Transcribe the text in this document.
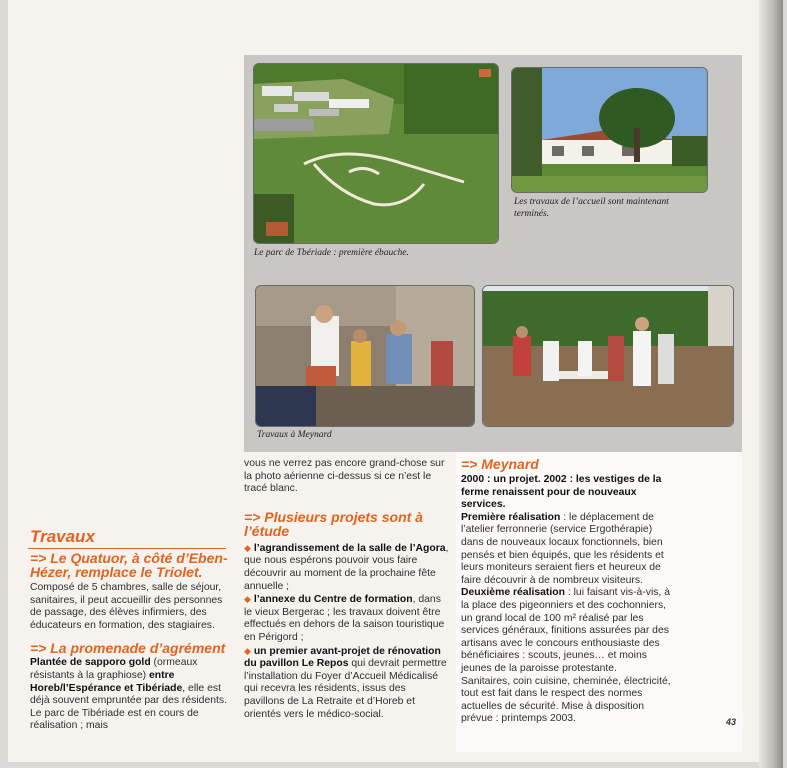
Le parc de Tbériade : première ébauche.
Les travaux de l’accueil sont maintenant terminés.
Travaux à Meynard
Travaux

=> Le Quatuor, à côté d’Eben-Hézer, remplace le Triolet.

Composé de 5 chambres, salle de séjour, sanitaires, il peut accueillir des personnes de passage, des élèves infirmiers, des éducateurs en formation, des stagiaires.

=> La promenade d’agrément

Plantée de sapporo gold (ormeaux résistants à la graphiose) entre Horeb/l’Espérance et Tibériade, elle est déjà souvent empruntée par des résidents. Le parc de Tibériade est en cours de réalisation ; mais

vous ne verrez pas encore grand-chose sur la photo aérienne ci-dessus si ce n’est le tracé blanc.

=> Plusieurs projets sont à l’étude

◆ l’agrandissement de la salle de l’Agora, que nous espérons pouvoir vous faire découvrir au moment de la prochaine fête annuelle ;

◆ l’annexe du Centre de formation, dans le vieux Bergerac ; les travaux doivent être effectués en dehors de la saison touristique en Périgord ;

◆ un premier avant-projet de rénovation du pavillon Le Repos qui devrait permettre l’installation du Foyer d’Accueil Médicalisé qui recevra les résidents, issus des pavillons de La Retraite et d’Horeb et orientés vers le médico-social.

=> Meynard

2000 : un projet. 2002 : les vestiges de la ferme renaissent pour de nouveaux services.

Première réalisation : le déplacement de l’atelier ferronnerie (service Ergothérapie) dans de nouveaux locaux fonctionnels, bien pensés et bien équipés, que les résidents et leurs moniteurs seraient fiers et heureux de faire découvrir à de nombreux visiteurs.

Deuxième réalisation : lui faisant vis-à-vis, à la place des pigeonniers et des cochonniers, un grand local de 100 m² réalisé par les services généraux, finitions assurées par des artisans avec le concours enthousiaste des bénéficiaires : scouts, jeunes… et moins jeunes de la paroisse protestante.

Sanitaires, coin cuisine, cheminée, électricité, tout est fait dans le respect des normes actuelles de sécurité. Mise à disposition prévue : printemps 2003.	43
